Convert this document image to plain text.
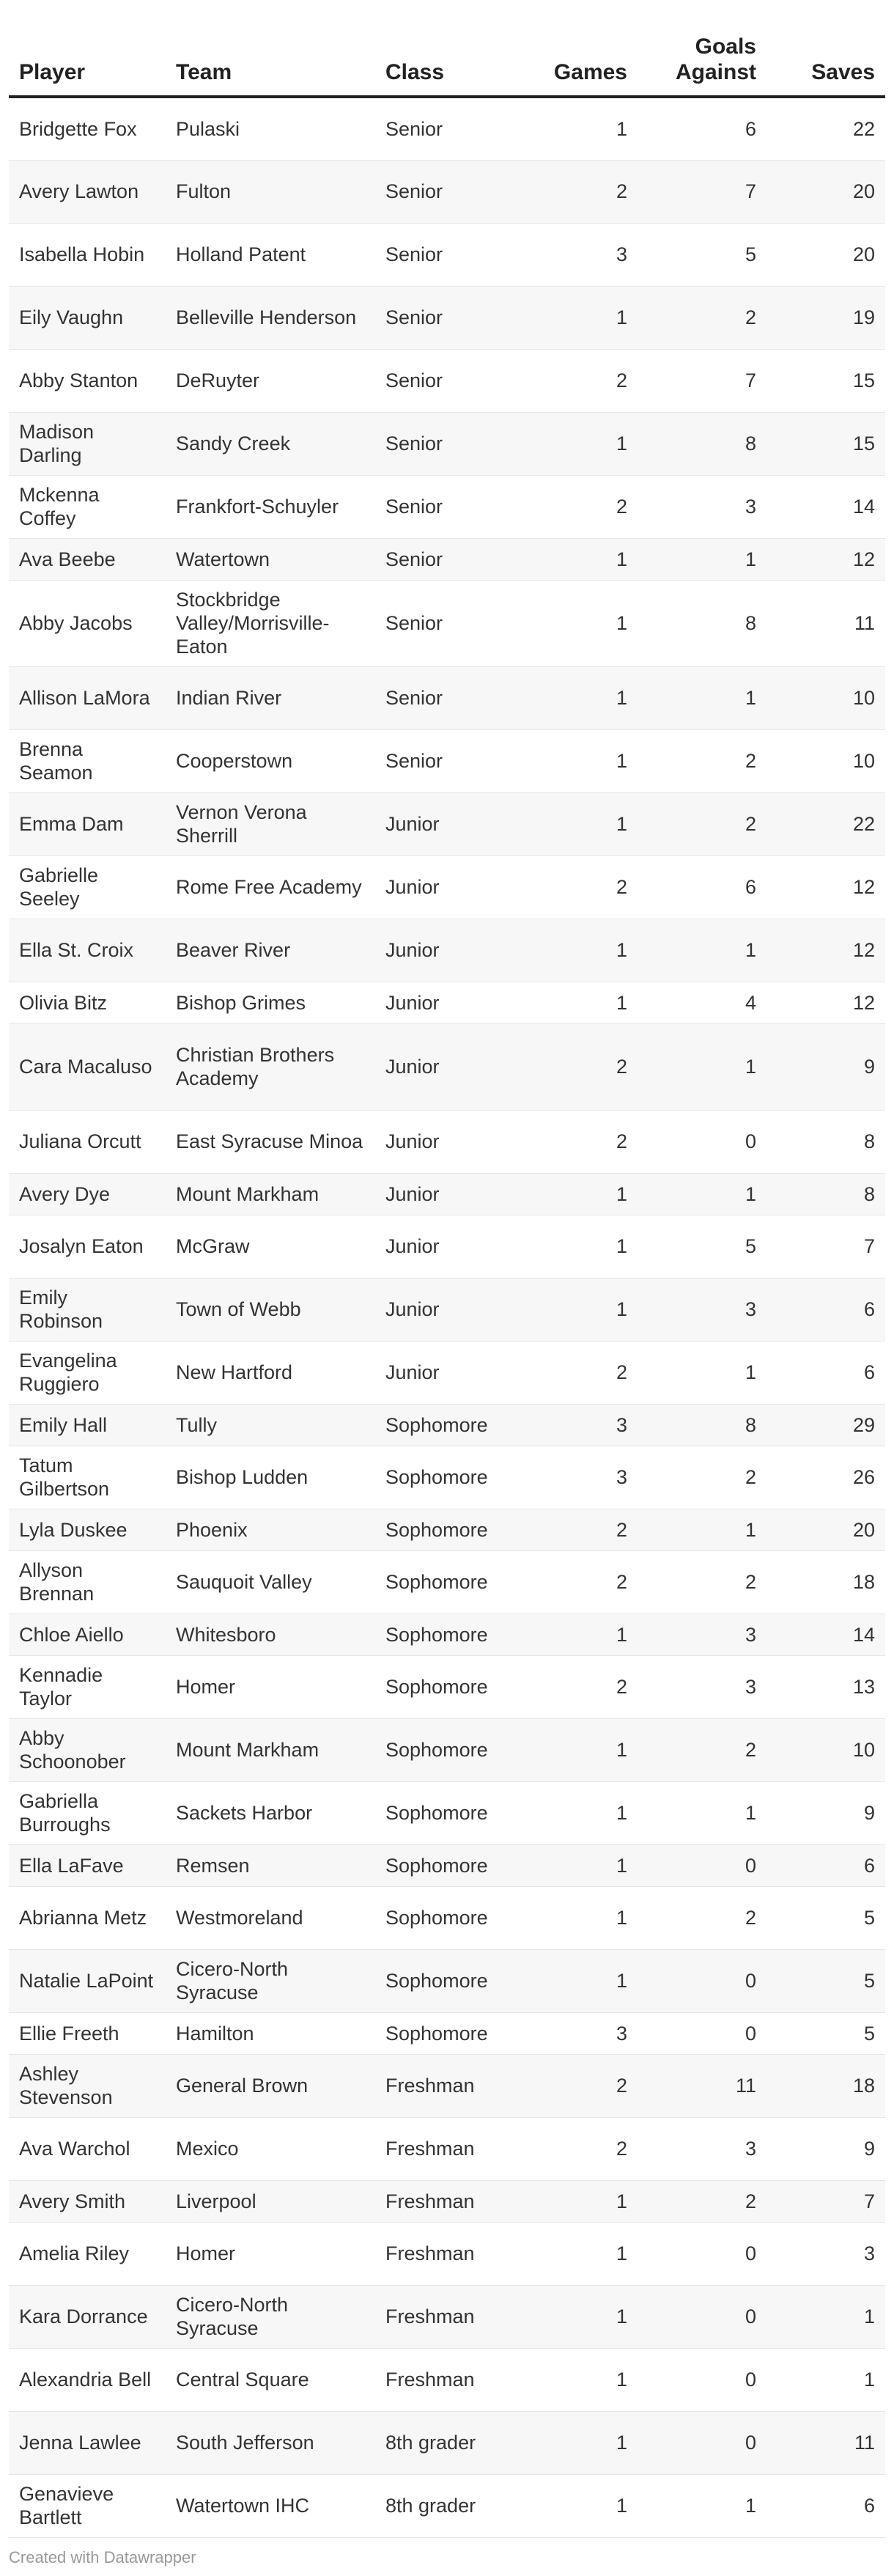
Player	Team	Class	Games	Goals Against	Saves
Bridgette Fox	Pulaski	Senior	1	6	22
Avery Lawton	Fulton	Senior	2	7	20
Isabella Hobin	Holland Patent	Senior	3	5	20
Eily Vaughn	Belleville Henderson	Senior	1	2	19
Abby Stanton	DeRuyter	Senior	2	7	15
Madison Darling	Sandy Creek	Senior	1	8	15
Mckenna Coffey	Frankfort-Schuyler	Senior	2	3	14
Ava Beebe	Watertown	Senior	1	1	12
Abby Jacobs	Stockbridge Valley/Morrisville-Eaton	Senior	1	8	11
Allison LaMora	Indian River	Senior	1	1	10
Brenna Seamon	Cooperstown	Senior	1	2	10
Emma Dam	Vernon Verona Sherrill	Junior	1	2	22
Gabrielle Seeley	Rome Free Academy	Junior	2	6	12
Ella St. Croix	Beaver River	Junior	1	1	12
Olivia Bitz	Bishop Grimes	Junior	1	4	12
Cara Macaluso	Christian Brothers Academy	Junior	2	1	9
Juliana Orcutt	East Syracuse Minoa	Junior	2	0	8
Avery Dye	Mount Markham	Junior	1	1	8
Josalyn Eaton	McGraw	Junior	1	5	7
Emily Robinson	Town of Webb	Junior	1	3	6
Evangelina Ruggiero	New Hartford	Junior	2	1	6
Emily Hall	Tully	Sophomore	3	8	29
Tatum Gilbertson	Bishop Ludden	Sophomore	3	2	26
Lyla Duskee	Phoenix	Sophomore	2	1	20
Allyson Brennan	Sauquoit Valley	Sophomore	2	2	18
Chloe Aiello	Whitesboro	Sophomore	1	3	14
Kennadie Taylor	Homer	Sophomore	2	3	13
Abby Schoonober	Mount Markham	Sophomore	1	2	10
Gabriella Burroughs	Sackets Harbor	Sophomore	1	1	9
Ella LaFave	Remsen	Sophomore	1	0	6
Abrianna Metz	Westmoreland	Sophomore	1	2	5
Natalie LaPoint	Cicero-North Syracuse	Sophomore	1	0	5
Ellie Freeth	Hamilton	Sophomore	3	0	5
Ashley Stevenson	General Brown	Freshman	2	11	18
Ava Warchol	Mexico	Freshman	2	3	9
Avery Smith	Liverpool	Freshman	1	2	7
Amelia Riley	Homer	Freshman	1	0	3
Kara Dorrance	Cicero-North Syracuse	Freshman	1	0	1
Alexandria Bell	Central Square	Freshman	1	0	1
Jenna Lawlee	South Jefferson	8th grader	1	0	11
Genavieve Bartlett	Watertown IHC	8th grader	1	1	6
Created with Datawrapper
